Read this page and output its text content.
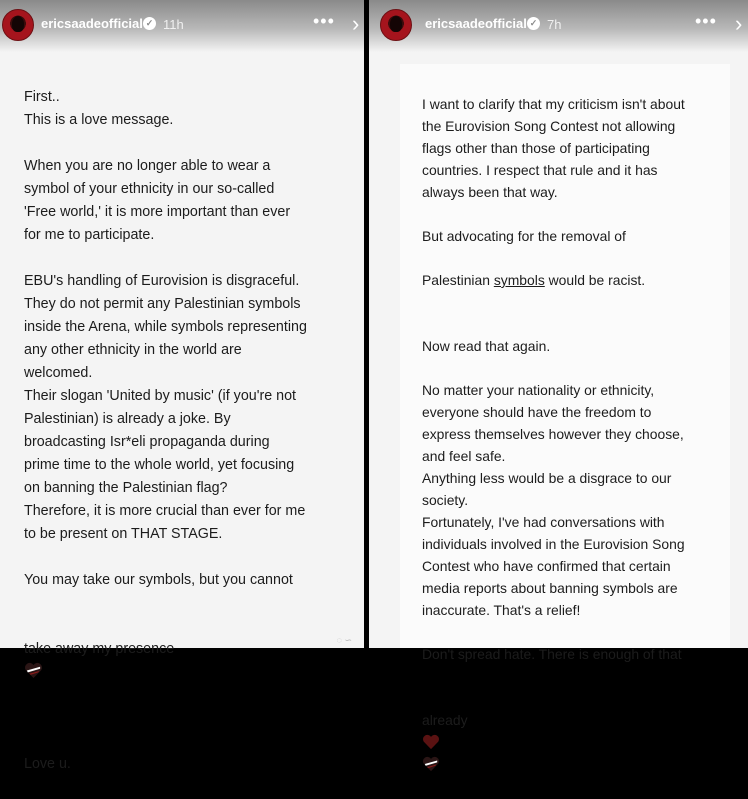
ericsaadeofficial ✓ 11h	••• ›

First..
This is a love message.

When you are no longer able to wear a
symbol of your ethnicity in our so-called
'Free world,' it is more important than ever
for me to participate.

EBU's handling of Eurovision is disgraceful.
They do not permit any Palestinian symbols
inside the Arena, while symbols representing
any other ethnicity in the world are
welcomed.
Their slogan 'United by music' (if you're not
Palestinian) is already a joke. By
broadcasting Isr*eli propaganda during
prime time to the whole world, yet focusing
on banning the Palestinian flag?
Therefore, it is more crucial than ever for me
to be present on THAT STAGE.

You may take our symbols, but you cannot

take away my presence

Love u.

◌ ∽
ericsaadeofficial ✓ 7h	••• ›

I want to clarify that my criticism isn't about
the Eurovision Song Contest not allowing
flags other than those of participating
countries. I respect that rule and it has
always been that way.

But advocating for the removal of

Palestinian symbols would be racist.

Now read that again.

No matter your nationality or ethnicity,
everyone should have the freedom to
express themselves however they choose,
and feel safe.
Anything less would be a disgrace to our
society.
Fortunately, I've had conversations with
individuals involved in the Eurovision Song
Contest who have confirmed that certain
media reports about banning symbols are
inaccurate. That's a relief!

Don't spread hate. There is enough of that

already
